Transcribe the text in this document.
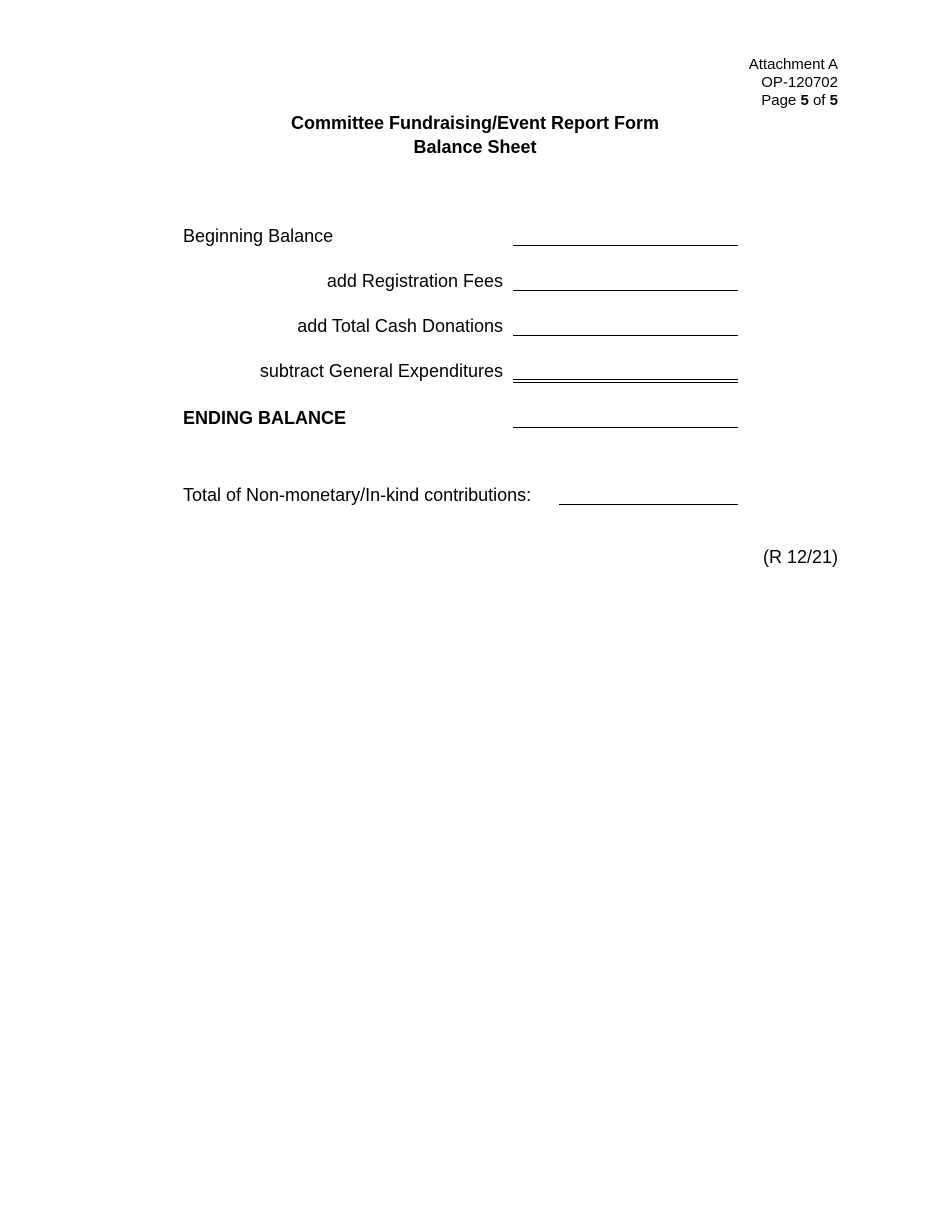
Attachment A
OP-120702
Page 5 of 5
Committee Fundraising/Event Report Form
Balance Sheet
Beginning Balance
add Registration Fees
add Total Cash Donations
subtract General Expenditures
ENDING BALANCE
Total of Non-monetary/In-kind contributions:
(R 12/21)
